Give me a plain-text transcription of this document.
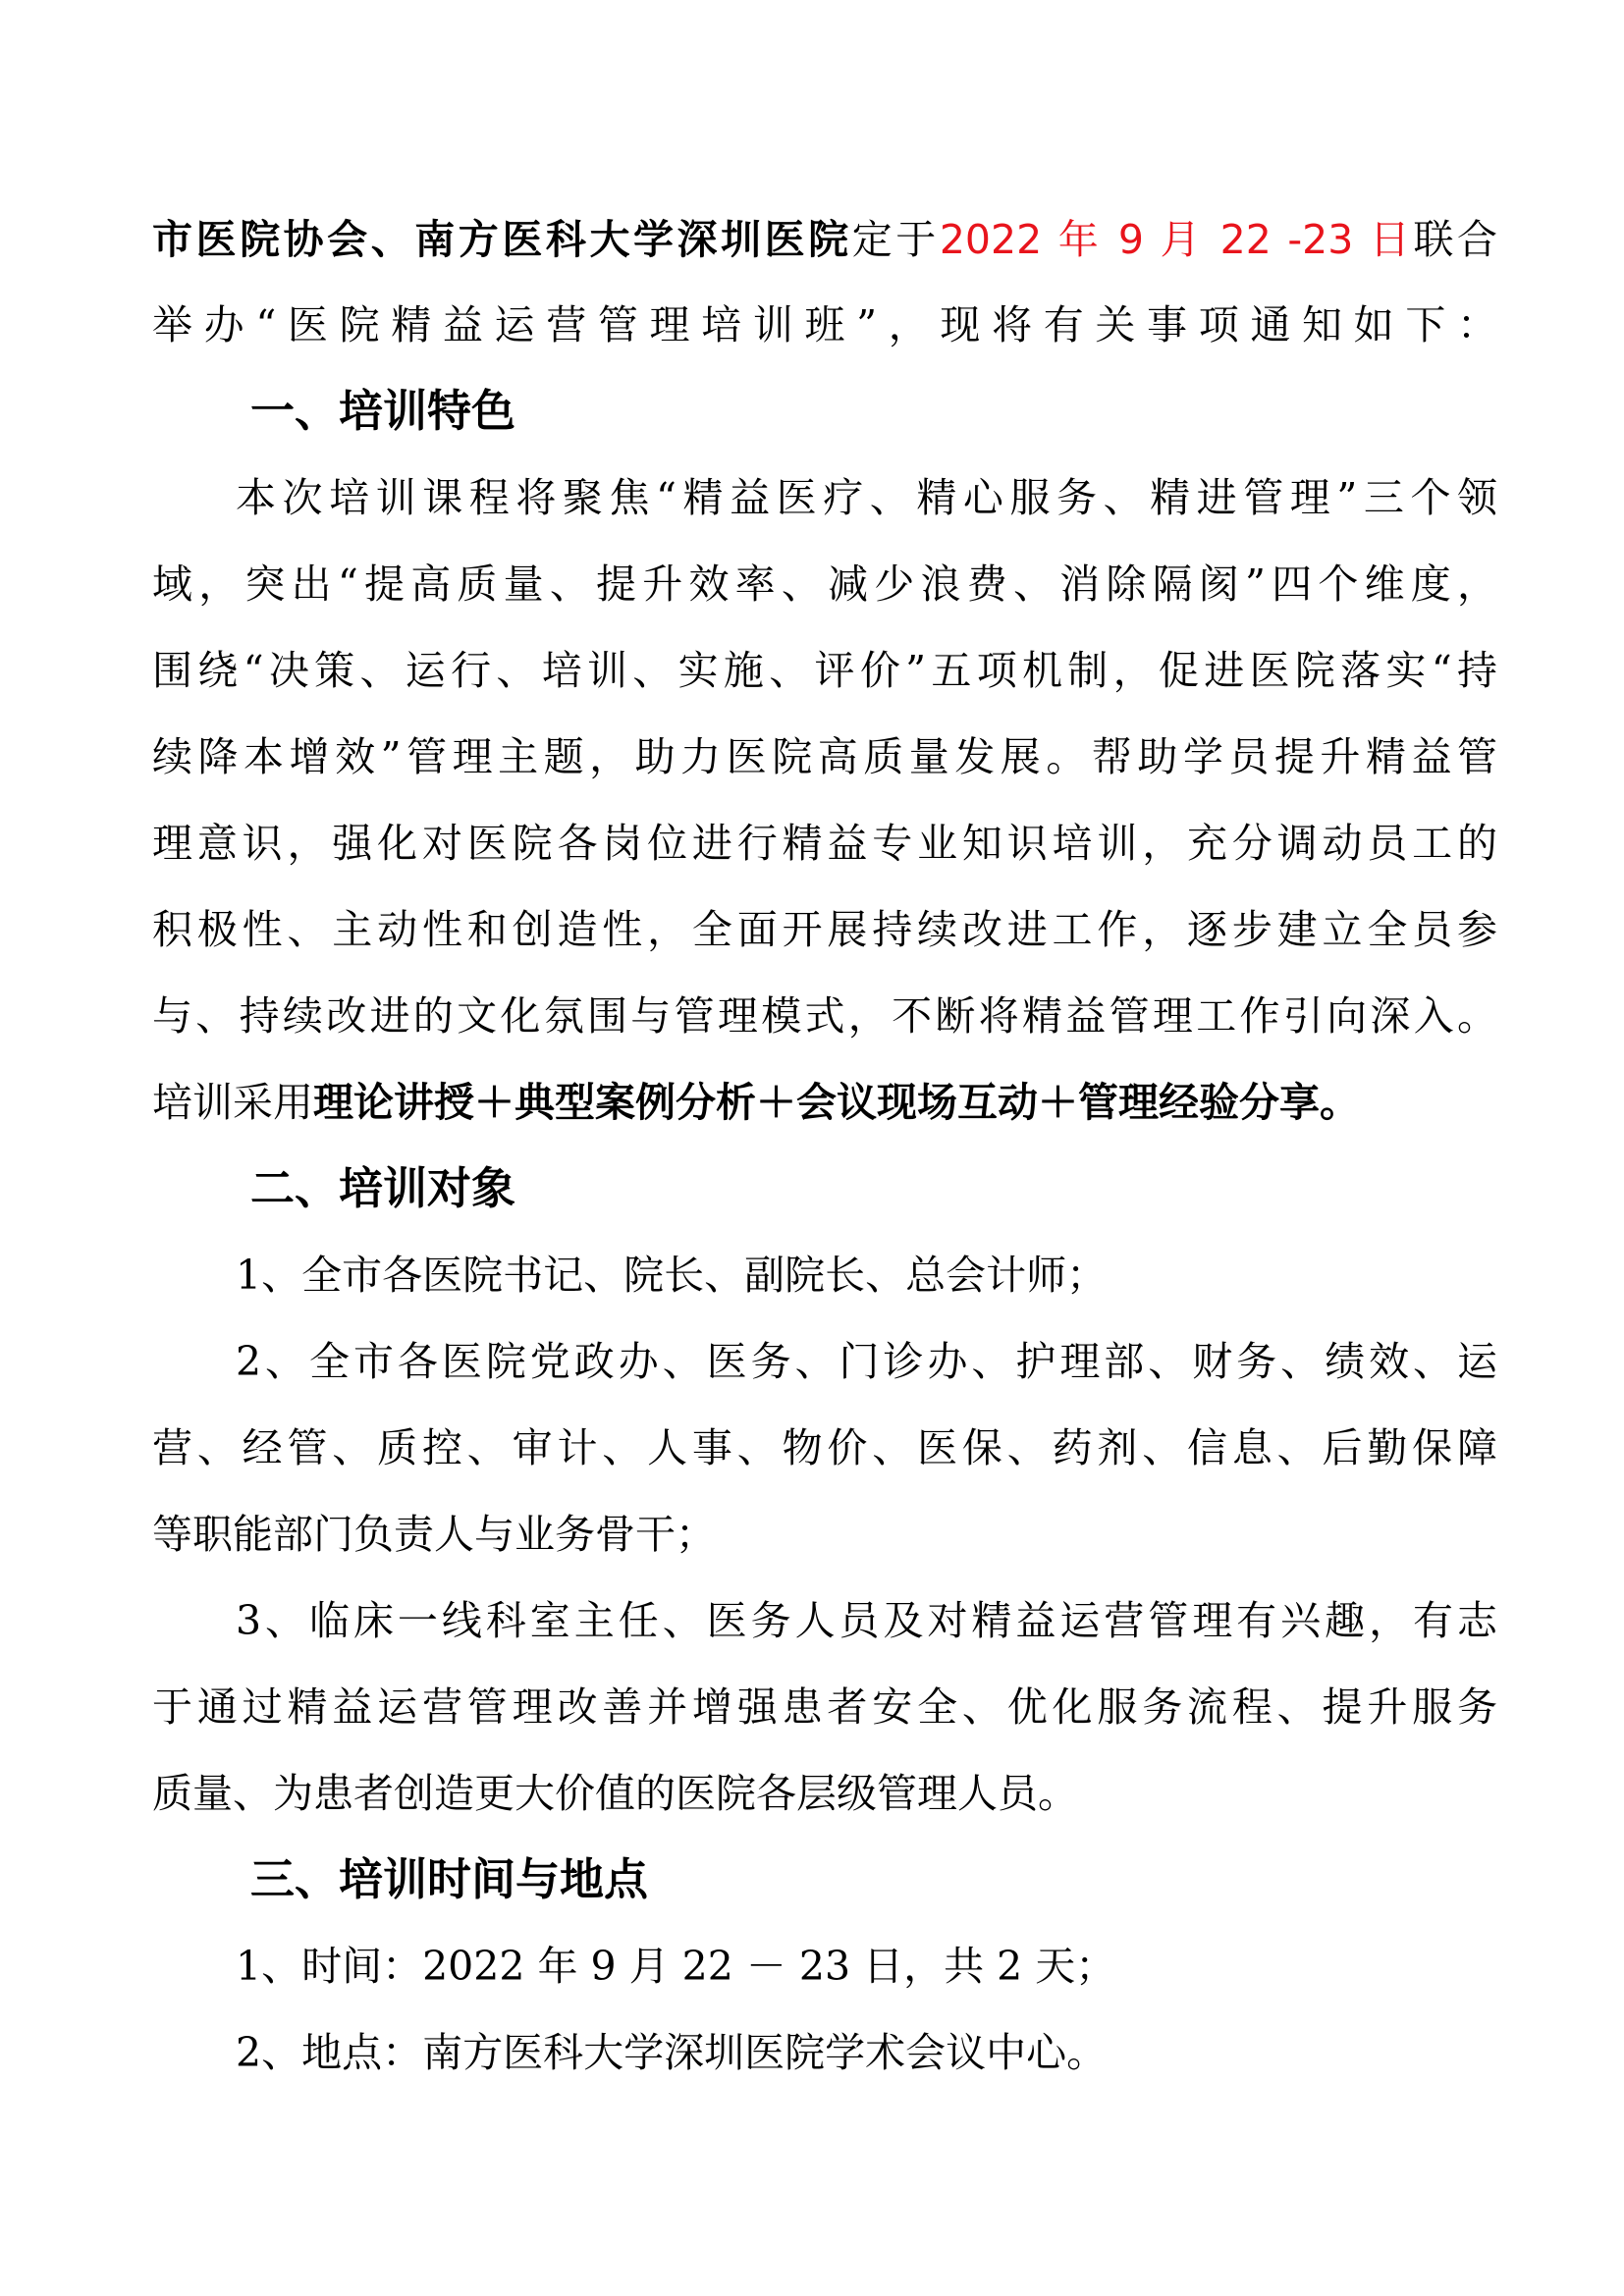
市医院协会、南方医科大学深圳医院定于2022 年 9 月 22 -23 日联合
举办“医院精益运营管理培训班”，现将有关事项通知如下：
一、培训特色
本次培训课程将聚焦“精益医疗、精心服务、精进管理”三个领
域，突出“提高质量、提升效率、减少浪费、消除隔阂”四个维度，
围绕“决策、运行、培训、实施、评价”五项机制，促进医院落实“持
续降本增效”管理主题，助力医院高质量发展。帮助学员提升精益管
理意识，强化对医院各岗位进行精益专业知识培训，充分调动员工的
积极性、主动性和创造性，全面开展持续改进工作，逐步建立全员参
与、持续改进的文化氛围与管理模式，不断将精益管理工作引向深入。
培训采用理论讲授＋典型案例分析＋会议现场互动＋管理经验分享。
二、培训对象
1、全市各医院书记、院长、副院长、总会计师；
2、全市各医院党政办、医务、门诊办、护理部、财务、绩效、运
营、经管、质控、审计、人事、物价、医保、药剂、信息、后勤保障
等职能部门负责人与业务骨干；
3、临床一线科室主任、医务人员及对精益运营管理有兴趣，有志
于通过精益运营管理改善并增强患者安全、优化服务流程、提升服务
质量、为患者创造更大价值的医院各层级管理人员。
三、培训时间与地点
1、时间：2022 年 9 月 22 － 23 日，共 2 天；
2、地点：南方医科大学深圳医院学术会议中心。
